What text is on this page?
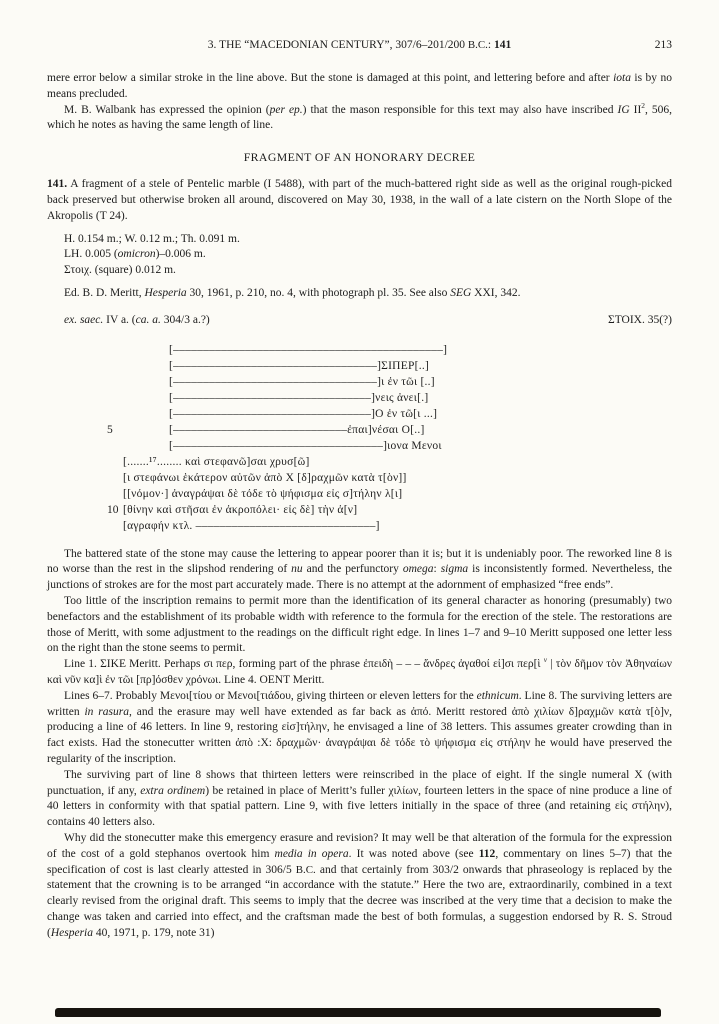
3. THE “MACEDONIAN CENTURY”, 307/6–201/200 B.C.: 141	213

mere error below a similar stroke in the line above. But the stone is damaged at this point, and lettering before and after iota is by no means precluded.

M. B. Walbank has expressed the opinion (per ep.) that the mason responsible for this text may also have inscribed IG $II^2$, 506, which he notes as having the same length of line.

FRAGMENT OF AN HONORARY DECREE

141. A fragment of a stele of Pentelic marble (I 5488), with part of the much-battered right side as well as the original rough-picked back preserved but otherwise broken all around, discovered on May 30, 1938, in the wall of a late cistern on the North Slope of the Akropolis (T 24).

H. 0.154 m.; W. 0.12 m.; Th. 0.091 m.

LH. 0.005 (omicron)–0.006 m.

Στοιχ. (square) 0.012 m.

Ed. B. D. Meritt, Hesperia 30, 1961, p. 210, no. 4, with photograph pl. 35. See also SEG XXI, 342.

ex. saec. IV a. (ca. a. 304/3 a.?)	ΣΤΟΙΧ. 35(?)
[–––––––––––––––––––––––––––––––––––––––––––––]
[––––––––––––––––––––––––––––––––––]ΣΙΠΕΡ[..]
[––––––––––––––––––––––––––––––––––]ι ἐν τῶι [..]
[–––––––––––––––––––––––––––––––––]νεις ἀνει[.]
[–––––––––––––––––––––––––––––––––]Ο ἐν τῶ[ι ...]
5	[–––––––––––––––––––––––––––––ἐπαι]νέσαι Ο[..]
[–––––––––––––––––––––––––––––––––––]ιονα Μενοι
[.......¹⁷........ καὶ στεφανῶ]σαι χρυσ[ῶ]
[ι στεφάνωι ἑκάτερον αὐτῶν ἀπὸ Χ [δ]ραχμῶν κατὰ τ[ὸν]]
[[νόμον·] ἀναγράψαι δὲ τόδε τὸ ψήφισμα εἰς σ]τήλην λ[ι]
10 [θίνην καὶ στῆσαι ἐν ἀκροπόλει· εἰς δὲ] τὴν ἀ[ν]
[αγραφήν κτλ. ––––––––––––––––––––––––––––––]

The battered state of the stone may cause the lettering to appear poorer than it is; but it is undeniably poor. The reworked line 8 is no worse than the rest in the slipshod rendering of nu and the perfunctory omega: sigma is inconsistently formed. Nevertheless, the junctions of strokes are for the most part accurately made. There is no attempt at the adornment of emphasized “free ends”.

Too little of the inscription remains to permit more than the identification of its general character as honoring (presumably) two benefactors and the establishment of its probable width with reference to the formula for the erection of the stele. The restorations are those of Meritt, with some adjustment to the readings on the difficult right edge. In lines 1–7 and 9–10 Meritt supposed one letter less on the right than the stone seems to permit.

Line 1. ΣΙΚΕ Meritt. Perhaps σι περ, forming part of the phrase ἐπειδὴ – – – ἄνδρες ἀγαθοί εἰ]σι περ[ὶ $^v$ | τὸν δῆμον τὸν Ἀθηναίων καὶ νῦν κα]ὶ ἐν τῶι [πρ]όσθεν χρόνωι. Line 4. ΟΕΝΤ Meritt.

Lines 6–7. Probably Μενοι[τίου or Μενοι[τιάδου, giving thirteen or eleven letters for the ethnicum. Line 8. The surviving letters are written in rasura, and the erasure may well have extended as far back as ἀπό. Meritt restored ἀπὸ χιλίων δ]ραχμῶν κατὰ τ[ὸ]ν, producing a line of 46 letters. In line 9, restoring εἰσ]τήλην, he envisaged a line of 38 letters. This assumes greater crowding than in fact exists. Had the stonecutter written ἀπὸ :Χ: δραχμῶν· ἀναγράψαι δὲ τόδε τὸ ψήφισμα εἰς στήλην he would have preserved the regularity of the inscription.

The surviving part of line 8 shows that thirteen letters were reinscribed in the place of eight. If the single numeral Χ (with punctuation, if any, extra ordinem) be retained in place of Meritt’s fuller χιλίων, fourteen letters in the space of nine produce a line of 40 letters in conformity with that spatial pattern. Line 9, with five letters initially in the space of three (and retaining εἰς στήλην), contains 40 letters also.

Why did the stonecutter make this emergency erasure and revision? It may well be that alteration of the formula for the expression of the cost of a gold stephanos overtook him media in opera. It was noted above (see 112, commentary on lines 5–7) that the specification of cost is last clearly attested in 306/5 B.C. and that certainly from 303/2 onwards that phraseology is replaced by the statement that the crowning is to be arranged “in accordance with the statute.” Here the two are, extraordinarily, combined in a text clearly revised from the original draft. This seems to imply that the decree was inscribed at the very time that a decision to make the change was taken and carried into effect, and the craftsman made the best of both formulas, a suggestion endorsed by R. S. Stroud (Hesperia 40, 1971, p. 179, note 31)
